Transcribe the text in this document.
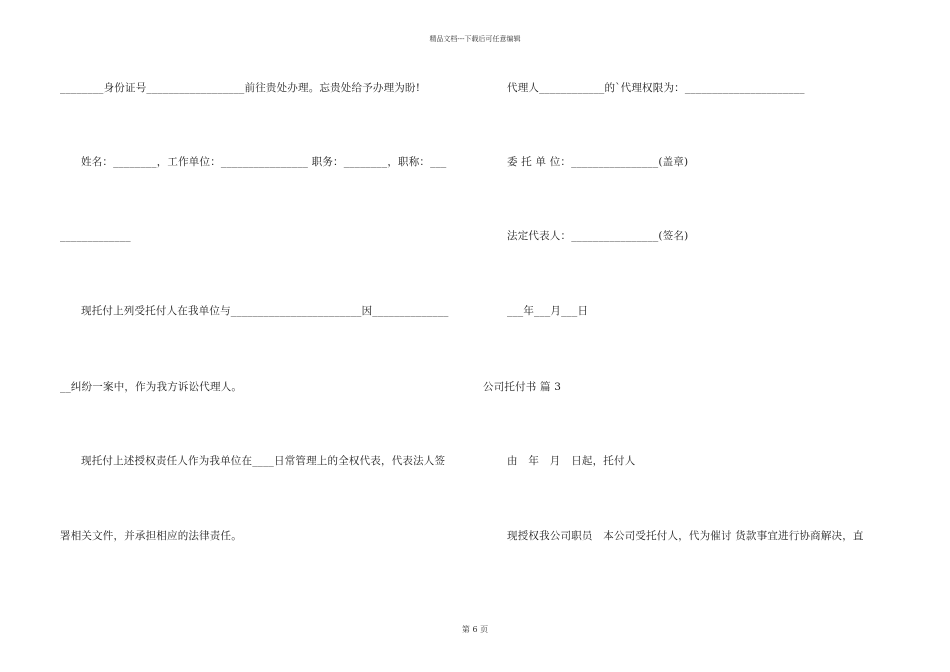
精品文档---下载后可任意编辑
________身份证号__________________前往贵处办理。忘贵处给予办理为盼!
姓名：________，工作单位：________________ 职务：________，职称：___
_____________
现托付上列受托付人在我单位与________________________因______________
__纠纷一案中，作为我方诉讼代理人。
现托付上述授权责任人作为我单位在____日常管理上的全权代表，代表法人签
署相关文件，并承担相应的法律责任。
代理人____________的`代理权限为：______________________
委 托 单 位：________________(盖章)
法定代表人：________________(签名)
___年___月___日
公司托付书 篇 3
由　年　月　日起，托付人
现授权我公司职员　本公司受托付人，代为催讨 货款事宜进行协商解决，直
第 6 页
